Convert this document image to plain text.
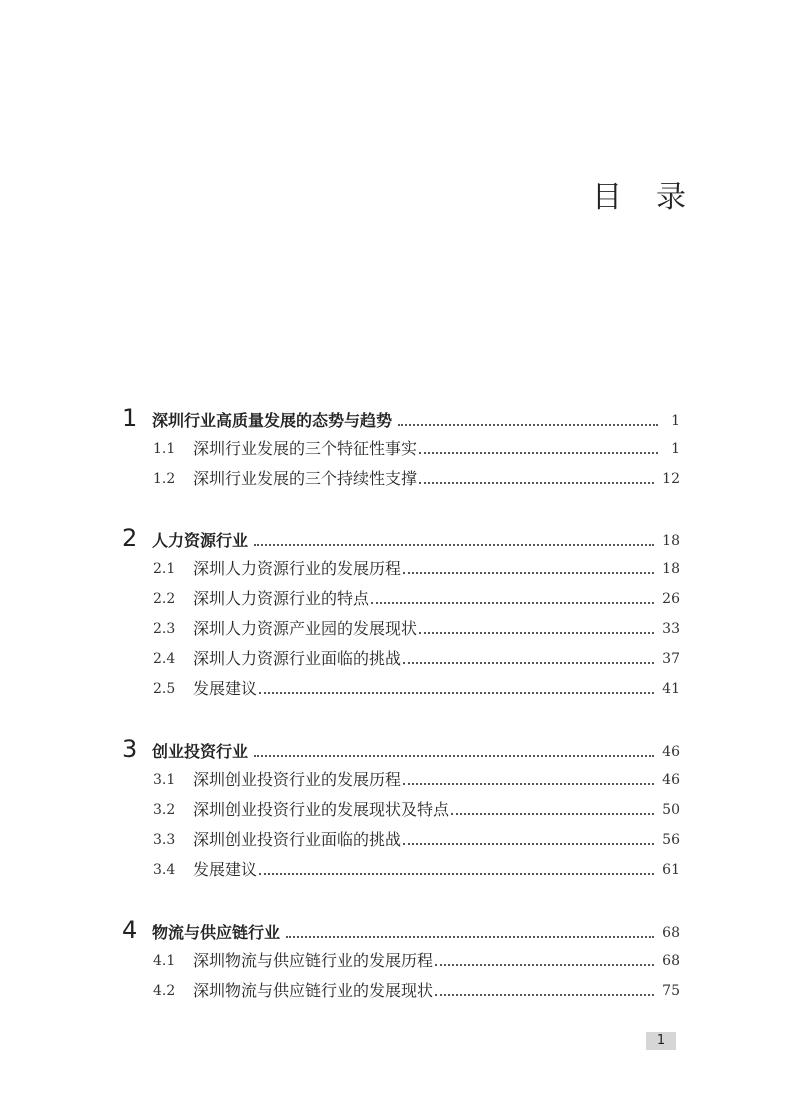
目 录
1 深圳行业高质量发展的态势与趋势	1
1.1	深圳行业发展的三个特征性事实	1
1.2	深圳行业发展的三个持续性支撑	12
2 人力资源行业	18
2.1	深圳人力资源行业的发展历程	18
2.2	深圳人力资源行业的特点	26
2.3	深圳人力资源产业园的发展现状	33
2.4	深圳人力资源行业面临的挑战	37
2.5	发展建议	41
3 创业投资行业	46
3.1	深圳创业投资行业的发展历程	46
3.2	深圳创业投资行业的发展现状及特点	50
3.3	深圳创业投资行业面临的挑战	56
3.4	发展建议	61
4 物流与供应链行业	68
4.1	深圳物流与供应链行业的发展历程	68
4.2	深圳物流与供应链行业的发展现状	75
1
